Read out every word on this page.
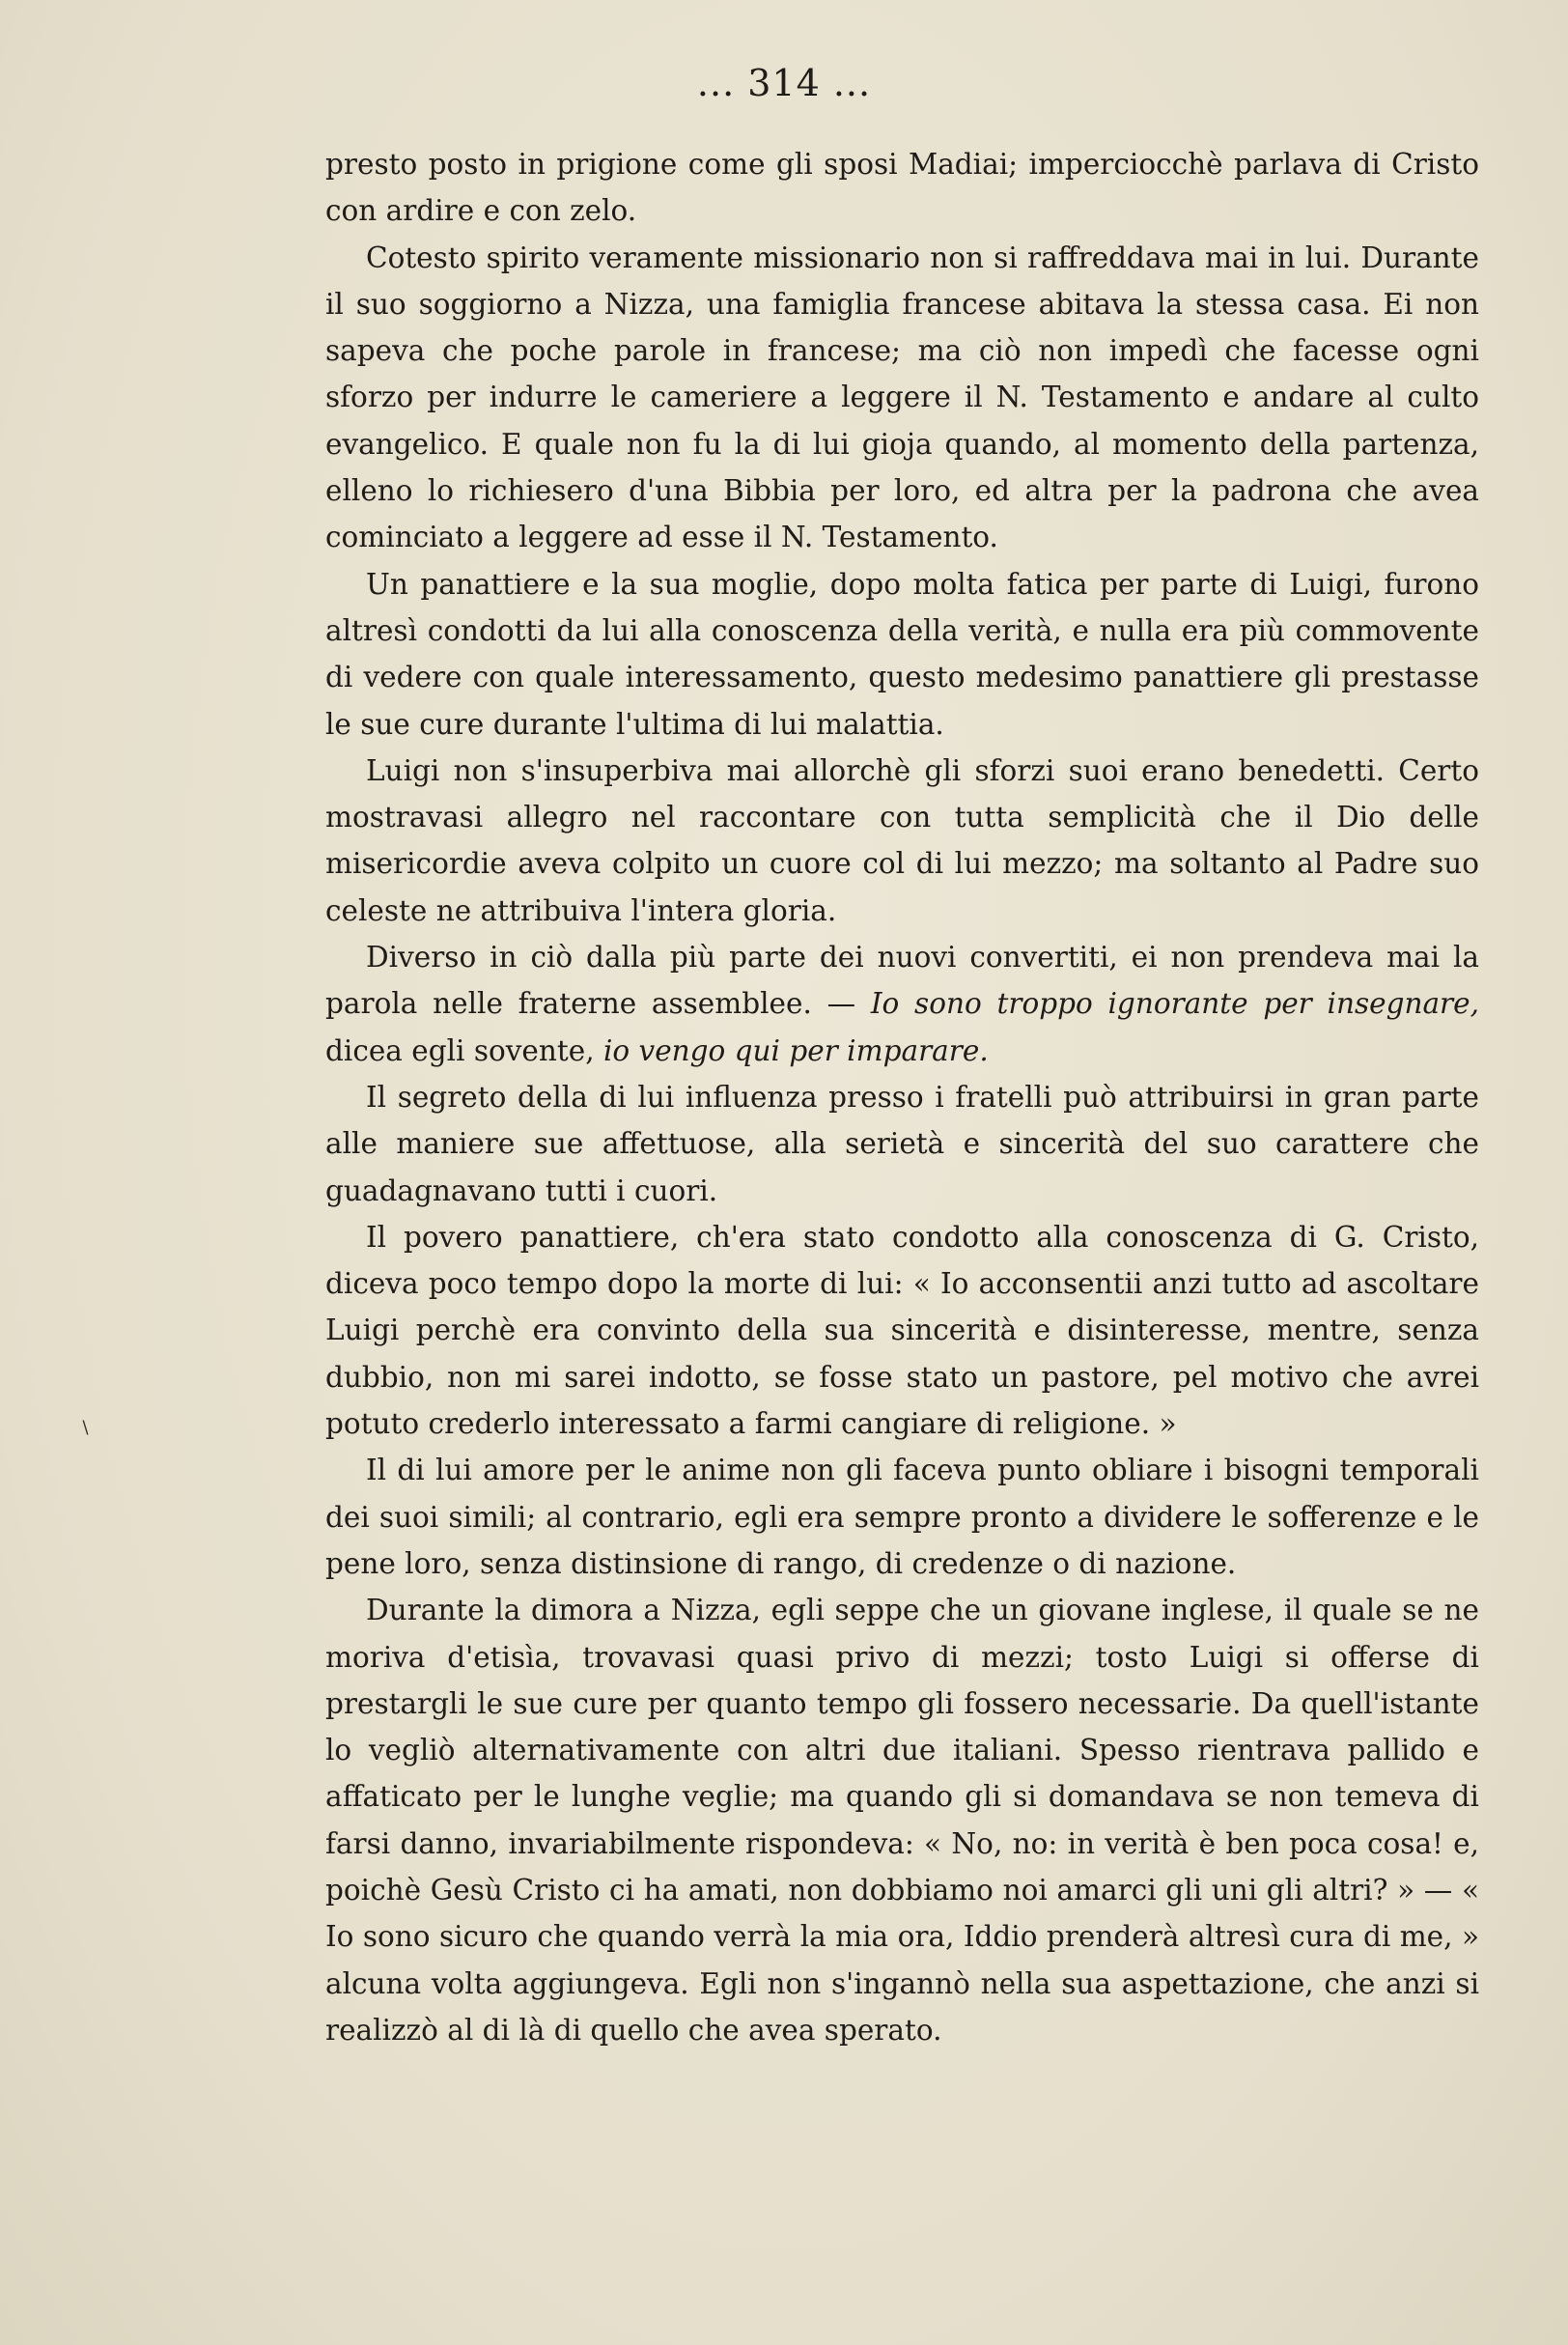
... 314 ...

presto posto in prigione come gli sposi Madiai; imperciocchè parlava di Cristo con ardire e con zelo.

Cotesto spirito veramente missionario non si raffreddava mai in lui. Durante il suo soggiorno a Nizza, una famiglia francese abitava la stessa casa. Ei non sapeva che poche parole in francese; ma ciò non impedì che facesse ogni sforzo per indurre le cameriere a leggere il N. Testamento e andare al culto evangelico. E quale non fu la di lui gioja quando, al momento della partenza, elleno lo richiesero d'una Bibbia per loro, ed altra per la padrona che avea cominciato a leggere ad esse il N. Testamento.

Un panattiere e la sua moglie, dopo molta fatica per parte di Luigi, furono altresì condotti da lui alla conoscenza della verità, e nulla era più commovente di vedere con quale interessamento, questo medesimo panattiere gli prestasse le sue cure durante l'ultima di lui malattia.

Luigi non s'insuperbiva mai allorchè gli sforzi suoi erano benedetti. Certo mostravasi allegro nel raccontare con tutta semplicità che il Dio delle misericordie aveva colpito un cuore col di lui mezzo; ma soltanto al Padre suo celeste ne attribuiva l'intera gloria.

Diverso in ciò dalla più parte dei nuovi convertiti, ei non prendeva mai la parola nelle fraterne assemblee. — Io sono troppo ignorante per insegnare, dicea egli sovente, io vengo qui per imparare.

Il segreto della di lui influenza presso i fratelli può attribuirsi in gran parte alle maniere sue affettuose, alla serietà e sincerità del suo carattere che guadagnavano tutti i cuori.

Il povero panattiere, ch'era stato condotto alla conoscenza di G. Cristo, diceva poco tempo dopo la morte di lui: « Io acconsentii anzi tutto ad ascoltare Luigi perchè era convinto della sua sincerità e disinteresse, mentre, senza dubbio, non mi sarei indotto, se fosse stato un pastore, pel motivo che avrei potuto crederlo interessato a farmi cangiare di religione. »

Il di lui amore per le anime non gli faceva punto obliare i bisogni temporali dei suoi simili; al contrario, egli era sempre pronto a dividere le sofferenze e le pene loro, senza distinsione di rango, di credenze o di nazione.

Durante la dimora a Nizza, egli seppe che un giovane inglese, il quale se ne moriva d'etisìa, trovavasi quasi privo di mezzi; tosto Luigi si offerse di prestargli le sue cure per quanto tempo gli fossero necessarie. Da quell'istante lo vegliò alternativamente con altri due italiani. Spesso rientrava pallido e affaticato per le lunghe veglie; ma quando gli si domandava se non temeva di farsi danno, invariabilmente rispondeva: « No, no: in verità è ben poca cosa! e, poichè Gesù Cristo ci ha amati, non dobbiamo noi amarci gli uni gli altri? » — « Io sono sicuro che quando verrà la mia ora, Iddio prenderà altresì cura di me, » alcuna volta aggiungeva. Egli non s'ingannò nella sua aspettazione, che anzi si realizzò al di là di quello che avea sperato.

∖
